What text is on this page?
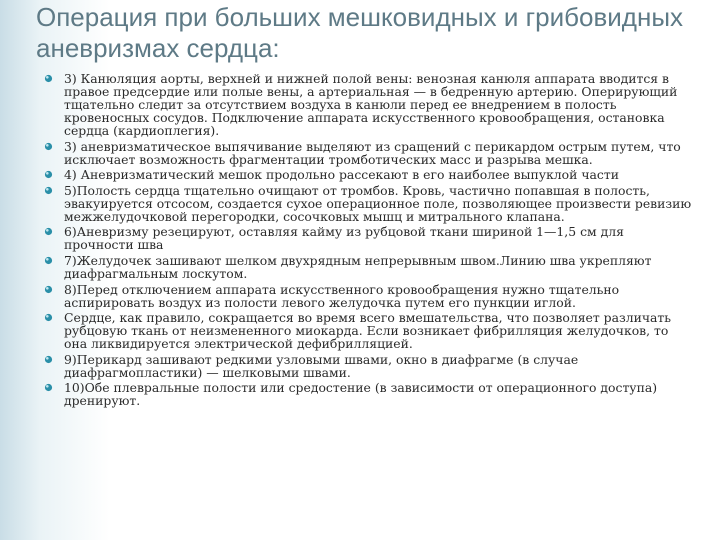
Операция при больших мешковидных и грибовидных аневризмах сердца:
3) Канюляция аорты, верхней и нижней полой вены: венозная канюля аппарата вводится в правое предсердие или полые вены, а артериальная — в бедренную артерию. Оперирующий тщательно следит за отсутствием воздуха в канюли перед ее внедрением в полость кровеносных сосудов. Подключение аппарата искусственного кровообращения, остановка сердца (кардиоплегия).
3) аневризматическое выпячивание выделяют из сращений с перикардом острым путем, что исключает возможность фрагментации тромботических масс и разрыва мешка.
4) Аневризматический мешок продольно рассекают в его наиболее выпуклой части
5)Полость сердца тщательно очищают от тромбов. Кровь, частично попавшая в полость, эвакуируется отсосом, создается сухое операционное поле, позволяющее произвести ревизию межжелудочковой перегородки, сосочковых мышц и митрального клапана.
6)Аневризму резецируют, оставляя кайму из рубцовой ткани шириной 1—1,5 см для прочности шва
7)Желудочек зашивают шелком двухрядным непрерывным швом.Линию шва укрепляют диафрагмальным лоскутом.
8)Перед отключением аппарата искусственного кровообращения нужно тщательно аспирировать воздух из полости левого желудочка путем его пункции иглой.
Сердце, как правило, сокращается во время всего вмешательства, что позволяет различать рубцовую ткань от неизмененного миокарда. Если возникает фибрилляция желудочков, то она ликвидируется электрической дефибрилляцией.
9)Перикард зашивают редкими узловыми швами, окно в диафрагме (в случае диафрагмопластики) — шелковыми швами.
10)Обе плевральные полости или средостение (в зависимости от операционного доступа) дренируют.
